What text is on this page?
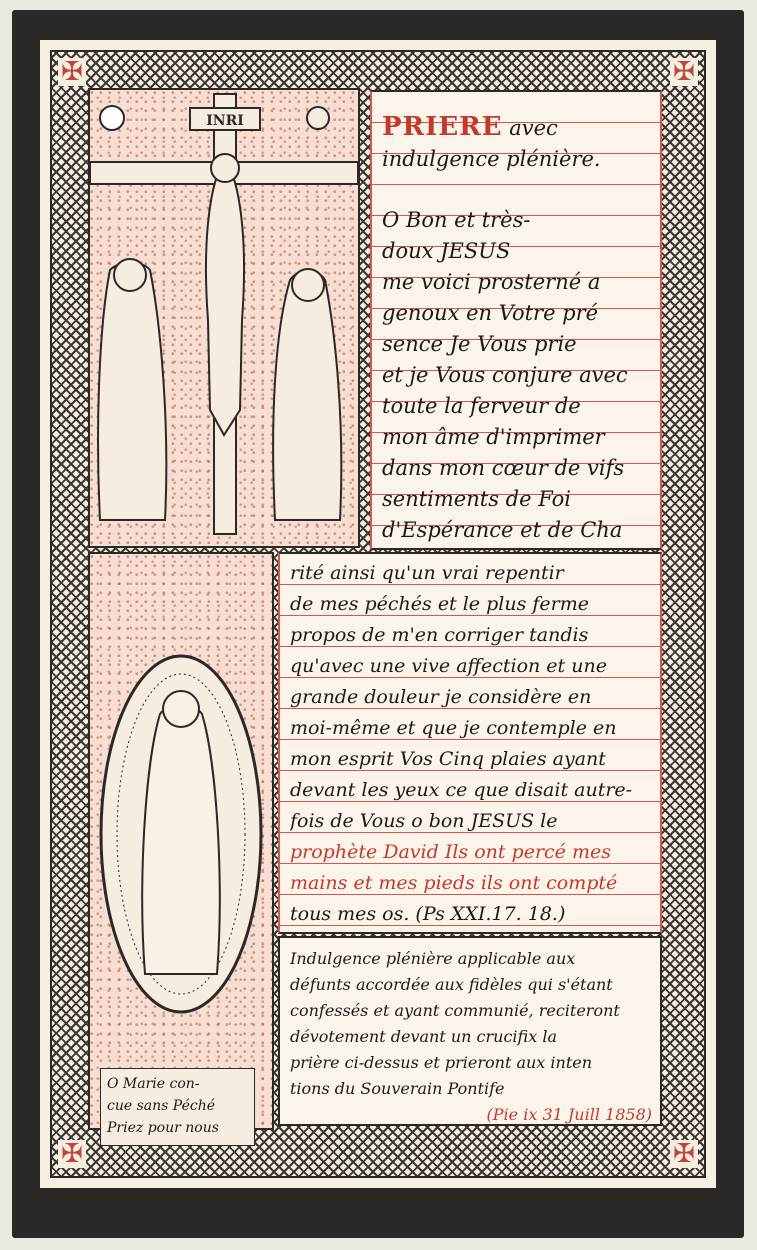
✠	✠
✠	✠
INRI
O Marie con-
cue sans Péché
Priez pour nous
PRIERE avec
indulgence plénière.
O Bon et très-
doux JESUS
me voici prosterné a
genoux en Votre pré
sence Je Vous prie
et je Vous conjure avec
toute la ferveur de
mon âme d'imprimer
dans mon cœur de vifs
sentiments de Foi
d'Espérance et de Cha
rité ainsi qu'un vrai repentir
de mes péchés et le plus ferme
propos de m'en corriger tandis
qu'avec une vive affection et une
grande douleur je considère en
moi-même et que je contemple en
mon esprit Vos Cinq plaies ayant
devant les yeux ce que disait autre-
fois de Vous o bon JESUS le
prophète David Ils ont percé mes
mains et mes pieds ils ont compté
tous mes os. (Ps XXI.17. 18.)
Indulgence plénière applicable aux
défunts accordée aux fidèles qui s'étant
confessés et ayant communié, reciteront
dévotement devant un crucifix la
prière ci-dessus et prieront aux inten
tions du Souverain Pontife
(Pie ix 31 Juill 1858)
